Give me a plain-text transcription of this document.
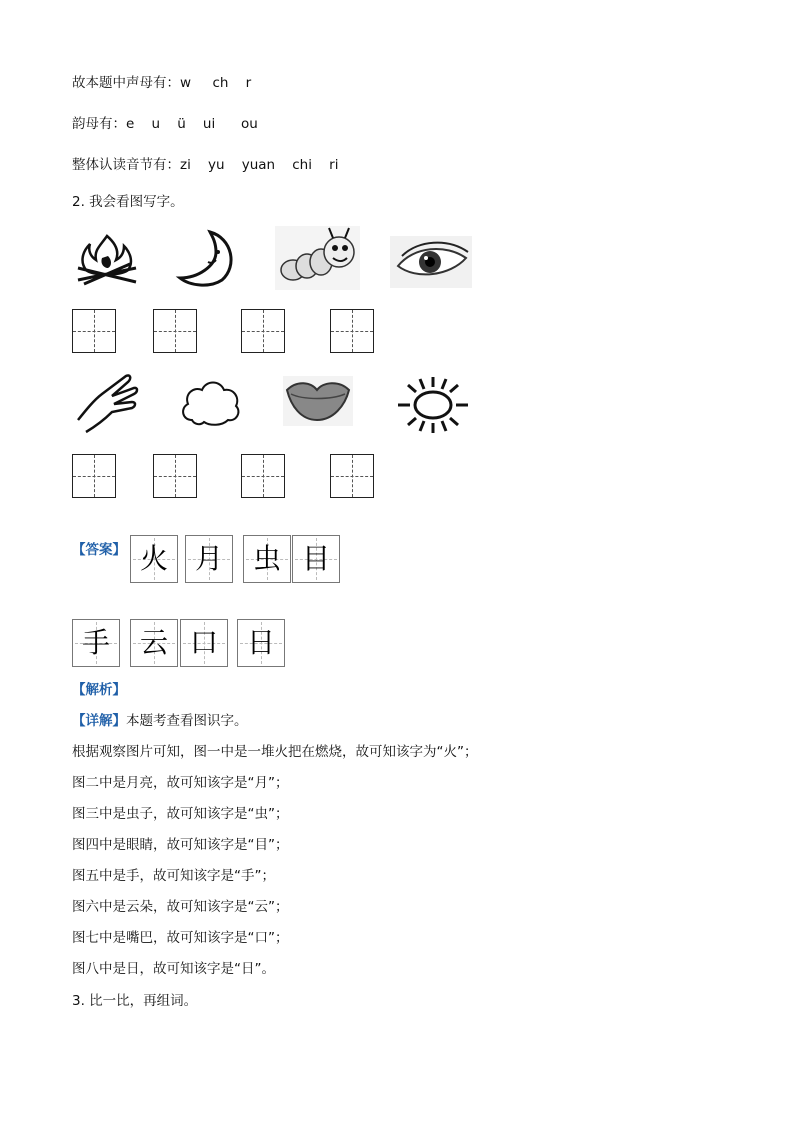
故本题中声母有：w     ch    r
韵母有：e    u    ü    ui      ou
整体认读音节有：zi    yu    yuan    chi    ri
2. 我会看图写字。
【答案】 火 月	虫 目
手	云 口	日
【解析】
【详解】本题考查看图识字。
根据观察图片可知，图一中是一堆火把在燃烧，故可知该字为“火”；
图二中是月亮，故可知该字是“月”；
图三中是虫子，故可知该字是“虫”；
图四中是眼睛，故可知该字是“目”；
图五中是手，故可知该字是“手”；
图六中是云朵，故可知该字是“云”；
图七中是嘴巴，故可知该字是“口”；
图八中是日，故可知该字是“日”。
3. 比一比，再组词。
